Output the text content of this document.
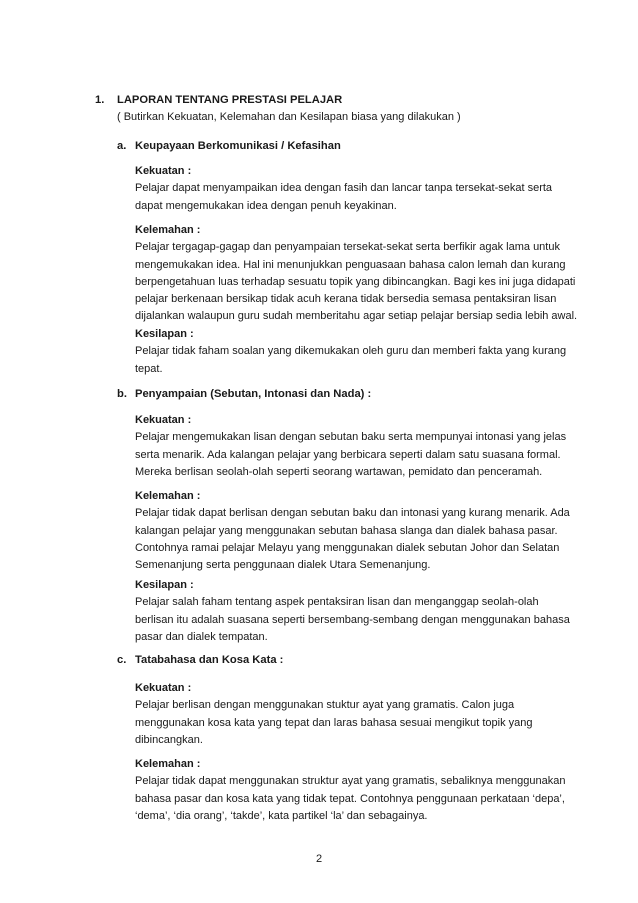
1. LAPORAN TENTANG PRESTASI PELAJAR
( Butirkan Kekuatan, Kelemahan dan Kesilapan biasa yang dilakukan )
a. Keupayaan Berkomunikasi / Kefasihan

Kekuatan :

Pelajar dapat menyampaikan idea dengan fasih dan lancar tanpa tersekat-sekat serta

dapat mengemukakan idea dengan penuh keyakinan.

Kelemahan :

Pelajar tergagap-gagap dan penyampaian tersekat-sekat serta berfikir agak lama untuk

mengemukakan idea. Hal ini menunjukkan penguasaan bahasa calon lemah dan kurang

berpengetahuan luas terhadap sesuatu topik yang dibincangkan. Bagi kes ini juga didapati

pelajar berkenaan bersikap tidak acuh kerana tidak bersedia semasa pentaksiran lisan

dijalankan walaupun guru sudah memberitahu agar setiap pelajar bersiap sedia lebih awal.

Kesilapan :

Pelajar tidak faham soalan yang dikemukakan oleh guru dan memberi fakta yang kurang

tepat.

b. Penyampaian (Sebutan, Intonasi dan Nada) :

Kekuatan :

Pelajar mengemukakan lisan dengan sebutan baku serta mempunyai intonasi yang jelas

serta menarik. Ada kalangan pelajar yang berbicara seperti dalam satu suasana formal.

Mereka berlisan seolah-olah seperti seorang wartawan, pemidato dan penceramah.

Kelemahan :

Pelajar tidak dapat berlisan dengan sebutan baku dan intonasi yang kurang menarik. Ada

kalangan pelajar yang menggunakan sebutan bahasa slanga dan dialek bahasa pasar.

Contohnya ramai pelajar Melayu yang menggunakan dialek sebutan Johor dan Selatan

Semenanjung serta penggunaan dialek Utara Semenanjung.

Kesilapan :

Pelajar salah faham tentang aspek pentaksiran lisan dan menganggap seolah-olah

berlisan itu adalah suasana seperti bersembang-sembang dengan menggunakan bahasa

pasar dan dialek tempatan.

c. Tatabahasa dan Kosa Kata :

Kekuatan :

Pelajar berlisan dengan menggunakan stuktur ayat yang gramatis. Calon juga

menggunakan kosa kata yang tepat dan laras bahasa sesuai mengikut topik yang

dibincangkan.

Kelemahan :

Pelajar tidak dapat menggunakan struktur ayat yang gramatis, sebaliknya menggunakan

bahasa pasar dan kosa kata yang tidak tepat. Contohnya penggunaan perkataan ‘depa’,

‘dema’, ‘dia orang’, ‘takde’, kata partikel ‘la’ dan sebagainya.

2
